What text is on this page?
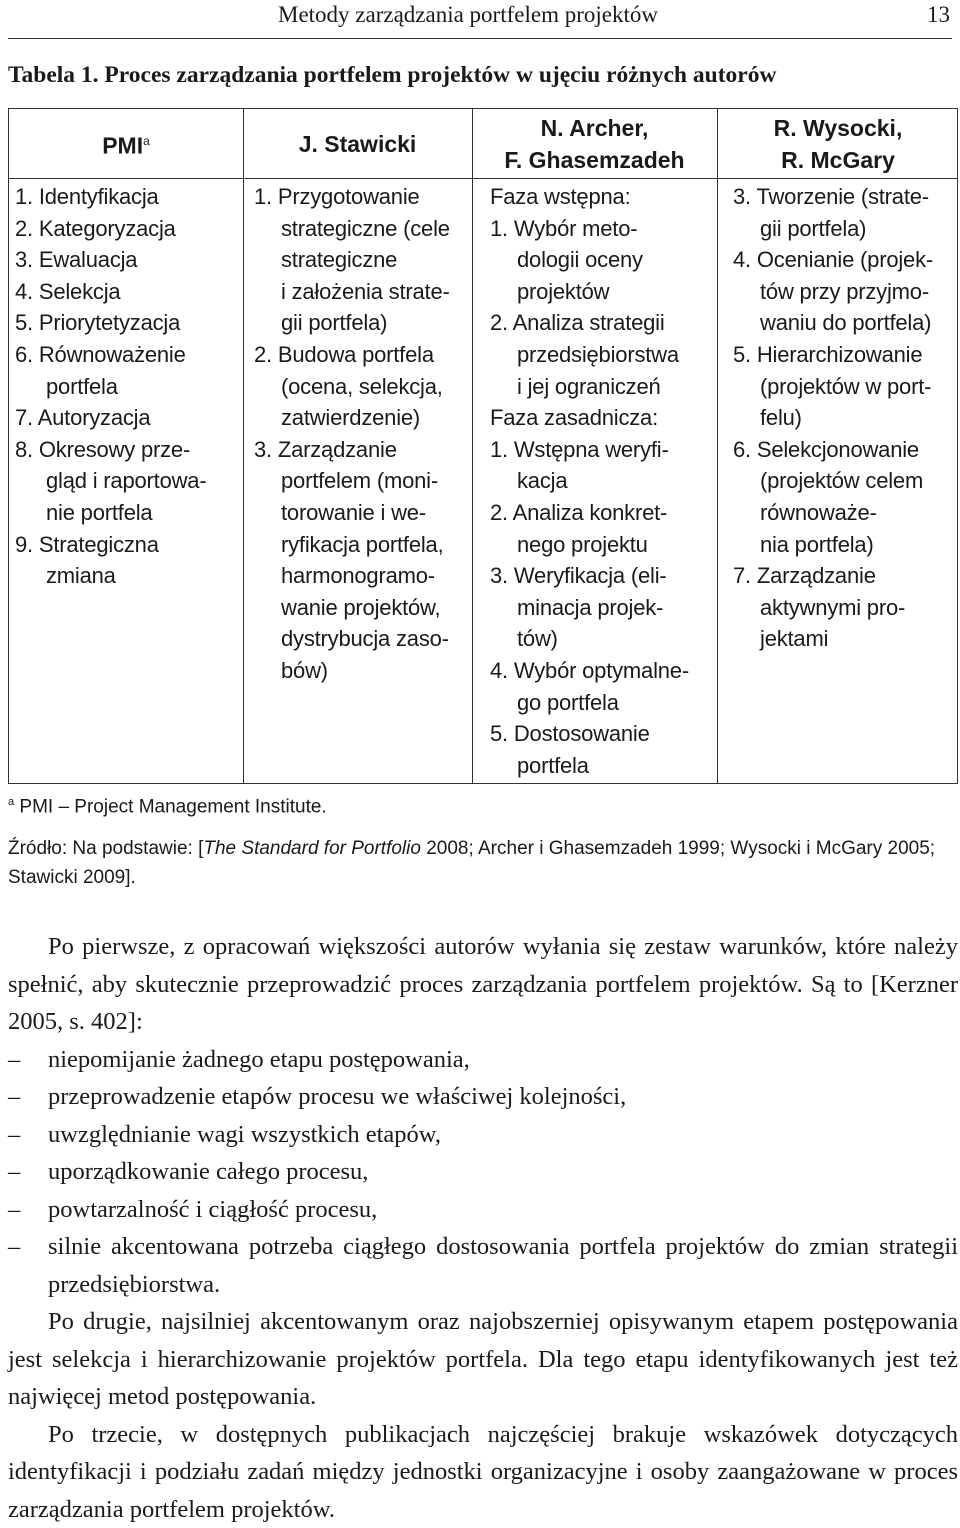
Metody zarządzania portfelem projektów	13
Tabela 1. Proces zarządzania portfelem projektów w ujęciu różnych autorów
PMI$^a$	J. Stawicki
N. Archer,
F. Ghasemzadeh
R. Wysocki,
R. McGary
1. Identyfikacja
2. Kategoryzacja
3. Ewaluacja
4. Selekcja
5. Priorytetyzacja
6. Równoważenie
portfela
7. Autoryzacja
8. Okresowy prze-
gląd i raportowa-
nie portfela
9. Strategiczna
zmiana
1. Przygotowanie
strategiczne (cele
strategiczne
i założenia strate-
gii portfela)
2. Budowa portfela
(ocena, selekcja,
zatwierdzenie)
3. Zarządzanie
portfelem (moni-
torowanie i we-
ryfikacja portfela,
harmonogramo-
wanie projektów,
dystrybucja zaso-
bów)
Faza wstępna:
1. Wybór meto-
dologii oceny
projektów
2. Analiza strategii
przedsiębiorstwa
i jej ograniczeń
Faza zasadnicza:
1. Wstępna weryfi-
kacja
2. Analiza konkret-
nego projektu
3. Weryfikacja (eli-
minacja projek-
tów)
4. Wybór optymalne-
go portfela
5. Dostosowanie
portfela
3. Tworzenie (strate-
gii portfela)
4. Ocenianie (projek-
tów przy przyjmo-
waniu do portfela)
5. Hierarchizowanie
(projektów w port-
felu)
6. Selekcjonowanie
(projektów celem
równoważe-
nia portfela)
7. Zarządzanie
aktywnymi pro-
jektami
$^a$ PMI – Project Management Institute.
Źródło: Na podstawie: [The Standard for Portfolio 2008; Archer i Ghasemzadeh 1999; Wysocki i McGary 2005; Stawicki 2009].

Po pierwsze, z opracowań większości autorów wyłania się zestaw warunków, które należy spełnić, aby skutecznie przeprowadzić proces zarządzania portfelem projektów. Są to [Kerzner 2005, s. 402]:

– niepomijanie żadnego etapu postępowania,
– przeprowadzenie etapów procesu we właściwej kolejności,
– uwzględnianie wagi wszystkich etapów,
– uporządkowanie całego procesu,
– powtarzalność i ciągłość procesu,
– silnie akcentowana potrzeba ciągłego dostosowania portfela projektów do zmian strategii przedsiębiorstwa.

Po drugie, najsilniej akcentowanym oraz najobszerniej opisywanym etapem postępowania jest selekcja i hierarchizowanie projektów portfela. Dla tego etapu identyfikowanych jest też najwięcej metod postępowania.

Po trzecie, w dostępnych publikacjach najczęściej brakuje wskazówek dotyczących identyfikacji i podziału zadań między jednostki organizacyjne i osoby zaangażowane w proces zarządzania portfelem projektów.
